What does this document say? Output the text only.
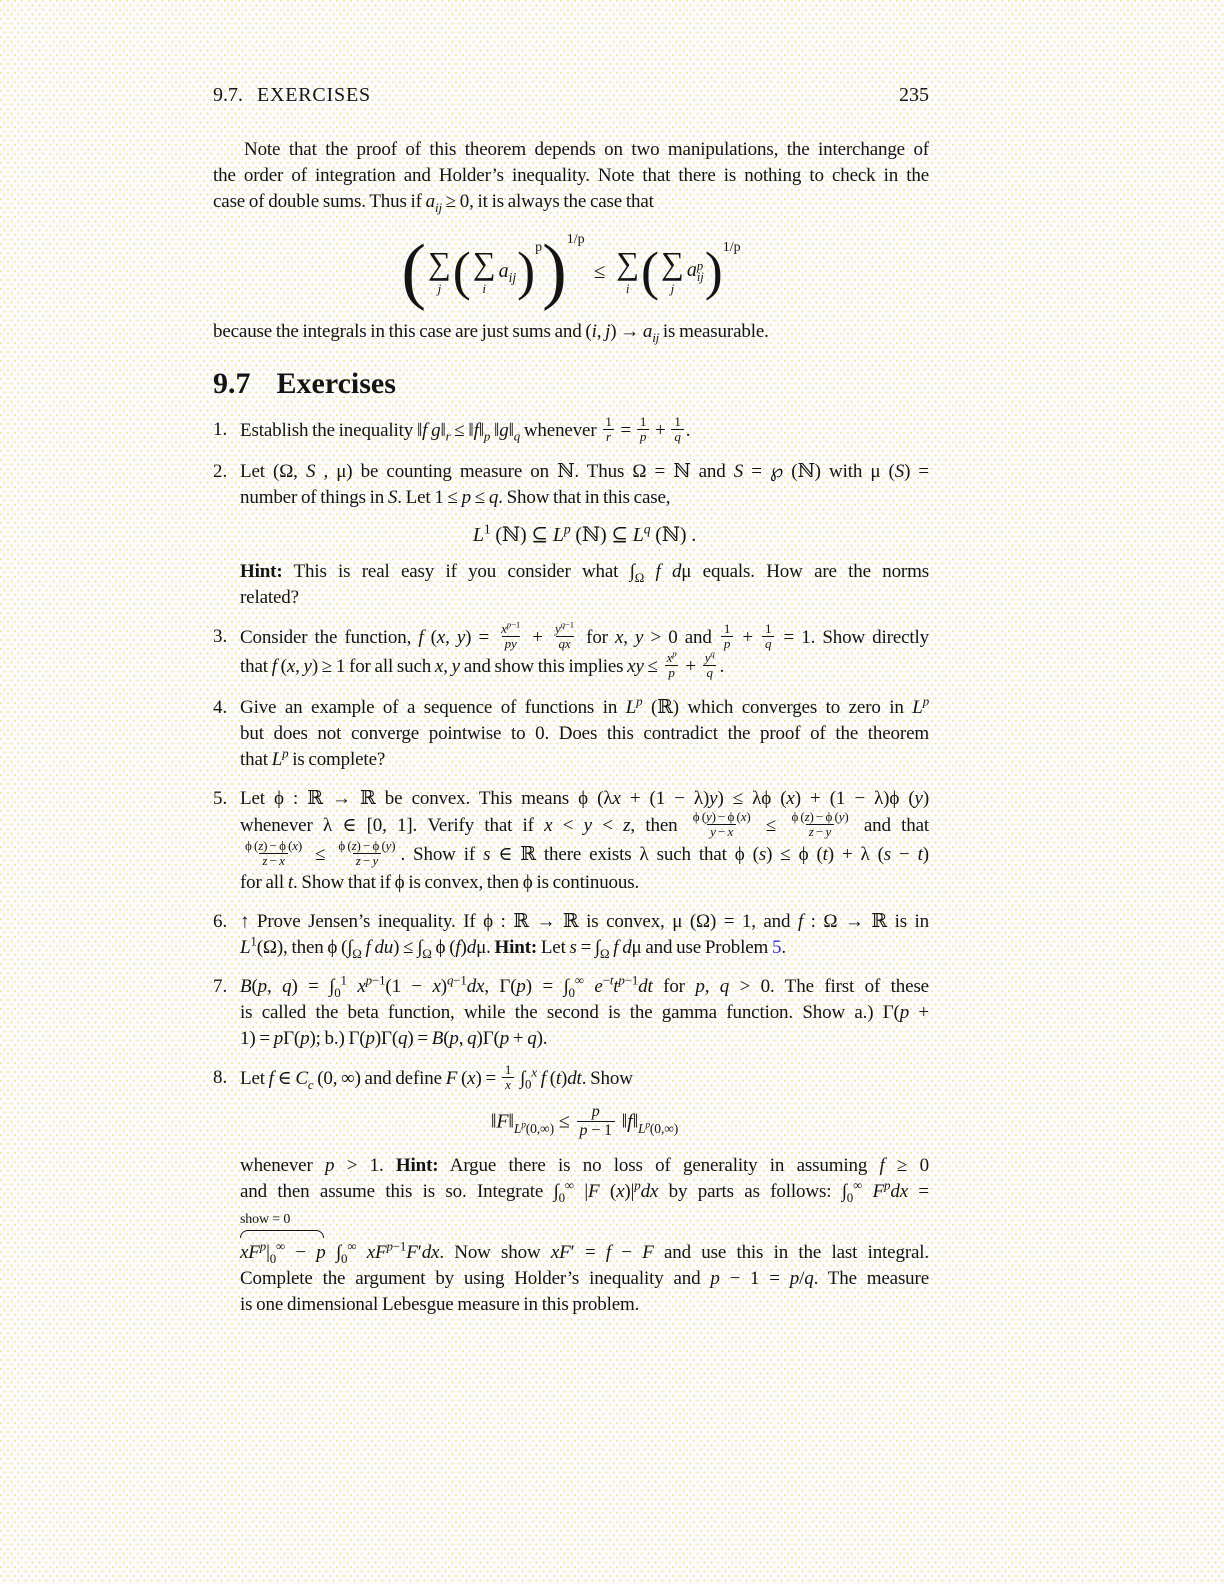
9.7. EXERCISES	235
Note that the proof of this theorem depends on two manipulations, the interchange of
the order of integration and Holder’s inequality. Note that there is nothing to check in the
case of double sums. Thus if $a_{ij} \ge 0$, it is always the case that
( ∑
j ( ∑
i
$a_{ij}$ ) p ) 1/p
≤ ∑
i ( ∑
j
a p
ij ) 1/p
because the integrals in this case are just sums and (i, $j) \to a_{ij}$ is measurable.
9.7 Exercises
1. Establish the inequality ‖f $g‖_r$ ≤ $‖f‖_p$ $‖g‖_q$ whenever $\frac{1}{r} = \frac{1}{p} + \frac{1}{q}$ .
2. Let (Ω, S , μ) be counting measure on ℕ. Thus Ω = ℕ and S = ℘ (ℕ) with μ (S) =
number of things in S. Let 1 ≤ p ≤ q. Show that in this case,
$L^1$ (ℕ) ⊆ $L^p$ (ℕ) ⊆ $L^q$ (ℕ) .
Hint: This is real easy if you consider what $\int_\Omega$ f dμ equals. How are the norms
related?
3. Consider the function, f (x, $y) = \frac{x^{p-1}}{py} + \frac{y^{q-1}}{qx}$ for x, y > 0 and $\frac{1}{p} + \frac{1}{q} = 1$. Show directly
that f (x, y) ≥ 1 for all such x, y and show this implies xy ≤ $\frac{x^p}{p} + \frac{y^q}{q}$ .
4. Give an example of a sequence of functions in $L^p$ (ℝ) which converges to zero in $L^p$
but does not converge pointwise to 0. Does this contradict the proof of the theorem
that $L^p$ is complete?
5. Let ϕ : ℝ → ℝ be convex. This means ϕ (λx + (1 − λ)y) ≤ λϕ (x) + (1 − λ)ϕ (y)
whenever λ ∈ [0, 1]. Verify that if x < y < z, then $\frac{\phi (y) - \phi (x)}{y - x} \le \frac{\phi (z) - \phi (y)}{z - y}$ and that
$\frac{\phi (z) - \phi (x)}{z - x} \le \frac{\phi (z) - \phi (y)}{z - y}$ . Show if s ∈ ℝ there exists λ such that ϕ (s) ≤ ϕ (t) + λ (s − t)
for all t. Show that if ϕ is convex, then ϕ is continuous.
6. ↑ Prove Jensen’s inequality. If ϕ : ℝ → ℝ is convex, μ (Ω) = 1, and f : Ω → ℝ is in
$L^1(\Omega)$, then ϕ ($\int_\Omega$ f $du) \le \int_\Omega$ ϕ (f)dμ. Hint: Let $s = \int_\Omega$ f dμ and use Problem 5.
7. B(p, $q) = \int_0^1$ $x^{p-1}(1 - x)^{q-1}dx$, $\Gamma(p) = \int_0^\infty$ $e^{-t}t^{p-1}dt$ for p, q > 0. The first of these
is called the beta function, while the second is the gamma function. Show a.) Γ(p +
1) = pΓ(p); b.) Γ(p)Γ(q) = B(p, q)Γ(p + q).
8. Let f ∈ $C_c$ (0, ∞) and define F $(x) = \frac{1}{x} \int_0^x$ f (t)dt. Show
$‖F‖_{L^p(0,\infty)} \le \frac{p}{p - 1}$ $‖f‖_{L^p(0,\infty)}$
whenever p > 1. Hint: Argue there is no loss of generality in assuming f ≥ 0
and then assume this is so. Integrate $\int_0^\infty$ |F $(x)|^pdx$ by parts as follows: $\int_0^\infty$ $F^pdx$ =
show = 0
$xF^p|_0^\infty - p$ $\int_0^\infty$ $xF^{p-1}F'dx$. Now show xF′ = f − F and use this in the last integral.
Complete the argument by using Holder’s inequality and p − 1 = p/q. The measure
is one dimensional Lebesgue measure in this problem.
